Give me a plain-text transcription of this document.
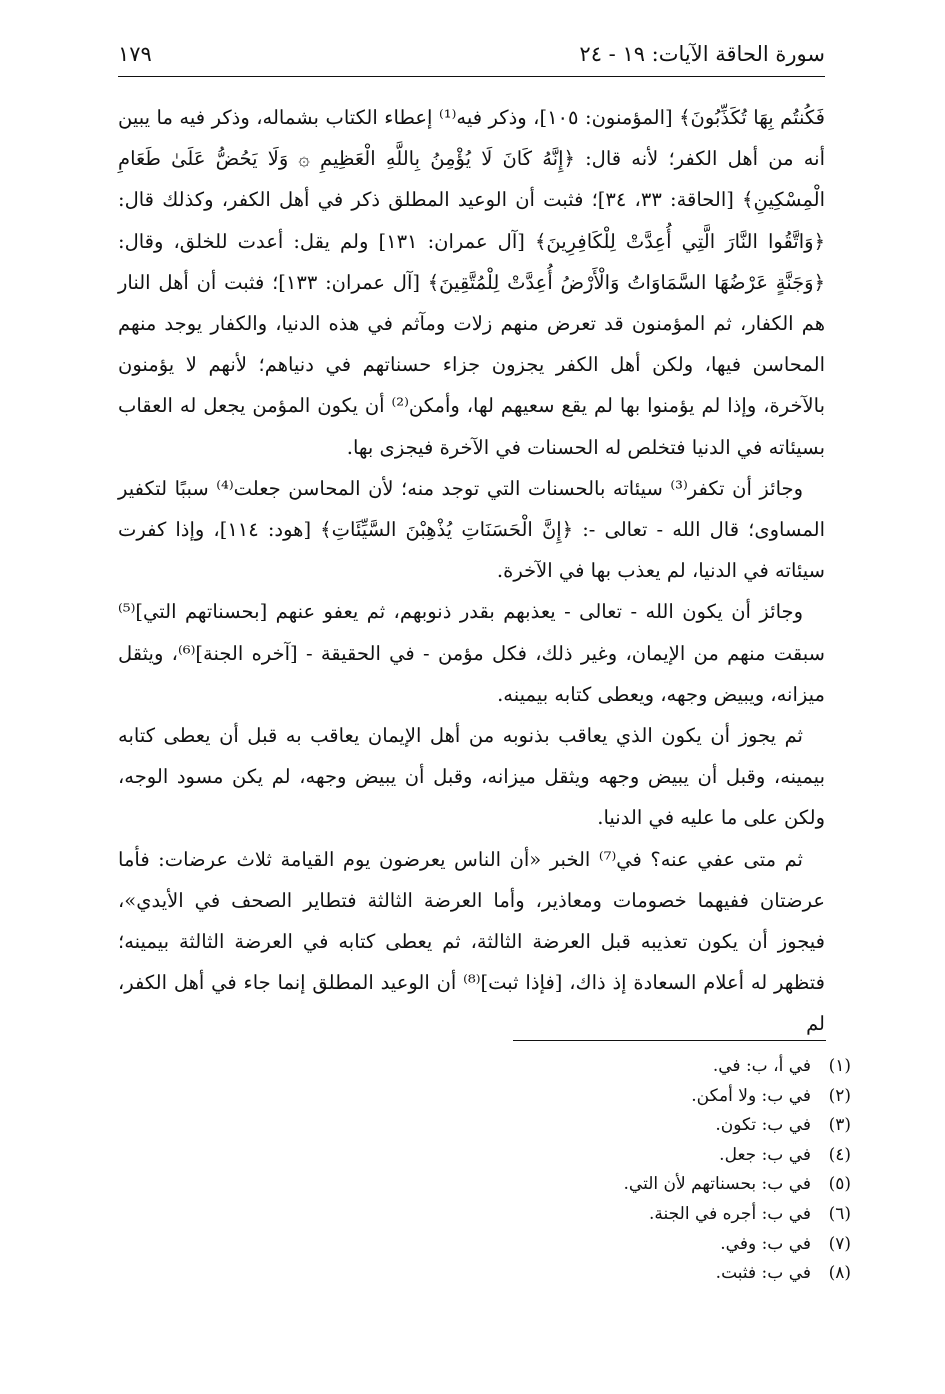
سورة الحاقة الآيات: ١٩ - ٢٤
١٧٩

فَكُنتُم بِهَا تُكَذِّبُونَ﴾ [المؤمنون: ١٠٥]، وذكر فيه⁽¹⁾ إعطاء الكتاب بشماله، وذكر فيه ما يبين أنه من أهل الكفر؛ لأنه قال: ﴿إِنَّهُ كَانَ لَا يُؤْمِنُ بِاللَّهِ الْعَظِيمِ ۞ وَلَا يَحُضُّ عَلَىٰ طَعَامِ الْمِسْكِينِ﴾ [الحاقة: ٣٣، ٣٤]؛ فثبت أن الوعيد المطلق ذكر في أهل الكفر، وكذلك قال: ﴿وَاتَّقُوا النَّارَ الَّتِي أُعِدَّتْ لِلْكَافِرِينَ﴾ [آل عمران: ١٣١] ولم يقل: أعدت للخلق، وقال: ﴿وَجَنَّةٍ عَرْضُهَا السَّمَاوَاتُ وَالْأَرْضُ أُعِدَّتْ لِلْمُتَّقِينَ﴾ [آل عمران: ١٣٣]؛ فثبت أن أهل النار هم الكفار، ثم المؤمنون قد تعرض منهم زلات ومآثم في هذه الدنيا، والكفار يوجد منهم المحاسن فيها، ولكن أهل الكفر يجزون جزاء حسناتهم في دنياهم؛ لأنهم لا يؤمنون بالآخرة، وإذا لم يؤمنوا بها لم يقع سعيهم لها، وأمكن⁽²⁾ أن يكون المؤمن يجعل له العقاب بسيئاته في الدنيا فتخلص له الحسنات في الآخرة فيجزى بها.

وجائز أن تكفر⁽³⁾ سيئاته بالحسنات التي توجد منه؛ لأن المحاسن جعلت⁽⁴⁾ سببًا لتكفير المساوى؛ قال الله - تعالى -: ﴿إِنَّ الْحَسَنَاتِ يُذْهِبْنَ السَّيِّئَاتِ﴾ [هود: ١١٤]، وإذا كفرت سيئاته في الدنيا، لم يعذب بها في الآخرة.

وجائز أن يكون الله - تعالى - يعذبهم بقدر ذنوبهم، ثم يعفو عنهم [بحسناتهم التي]⁽⁵⁾ سبقت منهم من الإيمان، وغير ذلك، فكل مؤمن - في الحقيقة - [آخره الجنة]⁽⁶⁾، ويثقل ميزانه، ويبيض وجهه، ويعطى كتابه بيمينه.

ثم يجوز أن يكون الذي يعاقب بذنوبه من أهل الإيمان يعاقب به قبل أن يعطى كتابه بيمينه، وقبل أن يبيض وجهه ويثقل ميزانه، وقبل أن يبيض وجهه، لم يكن مسود الوجه، ولكن على ما عليه في الدنيا.

ثم متى عفي عنه؟ في⁽⁷⁾ الخبر «أن الناس يعرضون يوم القيامة ثلاث عرضات: فأما عرضتان ففيهما خصومات ومعاذير، وأما العرضة الثالثة فتطاير الصحف في الأيدي»، فيجوز أن يكون تعذيبه قبل العرضة الثالثة، ثم يعطى كتابه في العرضة الثالثة بيمينه؛ فتظهر له أعلام السعادة إذ ذاك، [فإذا ثبت]⁽⁸⁾ أن الوعيد المطلق إنما جاء في أهل الكفر، لم

(١)في أ، ب: في.
(٢)في ب: ولا أمكن.
(٣)في ب: تكون.
(٤)في ب: جعل.
(٥)في ب: بحسناتهم لأن التي.
(٦)في ب: أجره في الجنة.
(٧)في ب: وفي.
(٨)في ب: فثبت.
